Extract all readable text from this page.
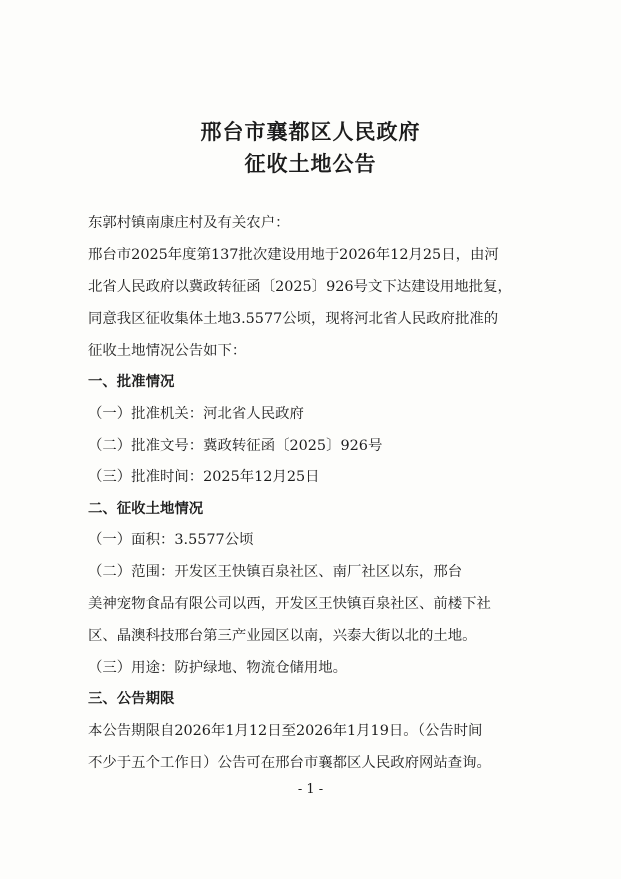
邢台市襄都区人民政府
征收土地公告
东郭村镇南康庄村及有关农户：
邢台市2025年度第137批次建设用地于2026年12月25日，由河
北省人民政府以冀政转征函〔2025〕926号文下达建设用地批复，
同意我区征收集体土地3.5577公顷，现将河北省人民政府批准的
征收土地情况公告如下：
一、批准情况
（一）批准机关：河北省人民政府
（二）批准文号：冀政转征函〔2025〕926号
（三）批准时间：2025年12月25日
二、征收土地情况
（一）面积：3.5577公顷
（二）范围：开发区王快镇百泉社区、南厂社区以东，邢台
美神宠物食品有限公司以西，开发区王快镇百泉社区、前楼下社
区、晶澳科技邢台第三产业园区以南，兴泰大街以北的土地。
（三）用途：防护绿地、物流仓储用地。
三、公告期限
本公告期限自2026年1月12日至2026年1月19日。（公告时间
不少于五个工作日）公告可在邢台市襄都区人民政府网站查询。
- 1 -
